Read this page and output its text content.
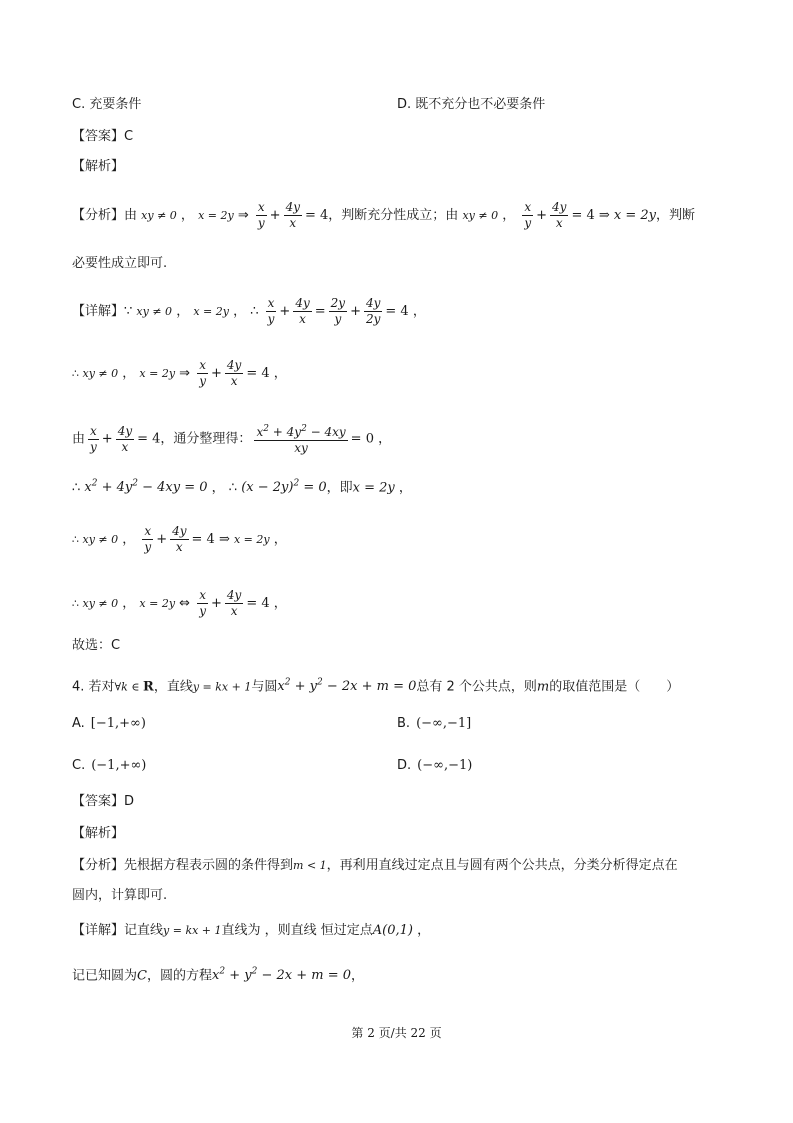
C. 充要条件	D. 既不充分也不必要条件
【答案】C
【解析】
【分析】由 xy ≠ 0 ， x = 2y ⇒ $\frac{x}{y} + \frac{4y}{x} = 4$，判断充分性成立；由 xy ≠ 0 ， $\frac{x}{y} + \frac{4y}{x} = 4$ ⇒ x = 2y，判断
必要性成立即可.
【详解】∵ xy ≠ 0 ， x = 2y ， ∴ $\frac{x}{y} + \frac{4y}{x} = \frac{2y}{y} + \frac{4y}{2y} = 4$ ，
∴ xy ≠ 0 ， x = 2y ⇒ $\frac{x}{y} + \frac{4y}{x} = 4$ ，
由 $\frac{x}{y} + \frac{4y}{x} = 4$，通分整理得： $\frac{x^2 + 4y^2 - 4xy}{xy} = 0$ ，
∴ $x^2 + 4y^2 - 4xy = 0$ ， ∴ $(x - 2y)^2 = 0$，即x = 2y ，
∴ xy ≠ 0 ， $\frac{x}{y} + \frac{4y}{x} = 4$ ⇒ x = 2y ，
∴ xy ≠ 0 ， x = 2y ⇔ $\frac{x}{y} + \frac{4y}{x} = 4$ ，
故选：C
4. 若对∀k ∈ R，直线y = kx + 1与圆$x^2 + y^2 - 2x + m = 0$总有 2 个公共点，则m的取值范围是（　　）
A. [−1,+∞)	B. (−∞,−1]
C. (−1,+∞)	D. (−∞,−1)
【答案】D
【解析】
【分析】先根据方程表示圆的条件得到m < 1，再利用直线过定点且与圆有两个公共点，分类分析得定点在
圆内，计算即可.
【详解】记直线y = kx + 1直线为 ，则直线 恒过定点A(0,1) ，
记已知圆为C，圆的方程$x^2 + y^2 - 2x + m = 0$，
第 2 页/共 22 页
